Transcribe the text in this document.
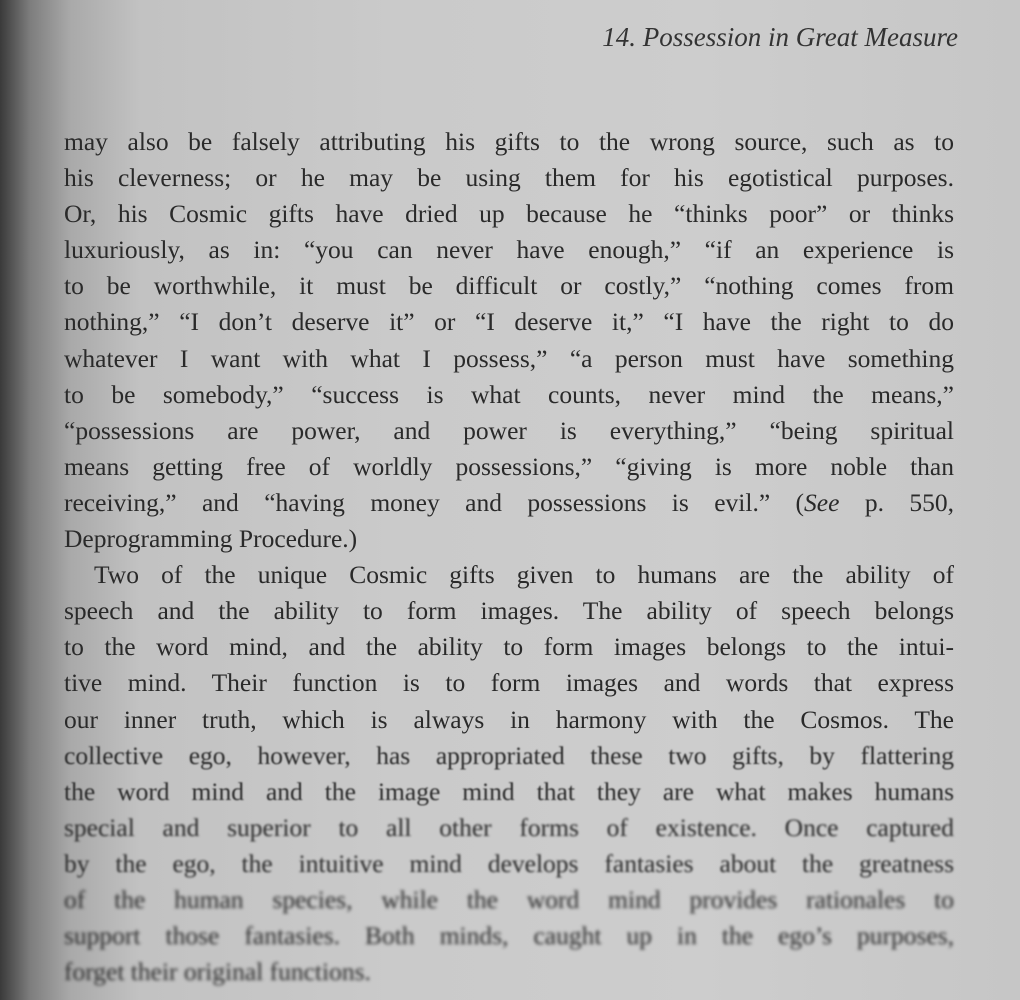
14. Possession in Great Measure
may also be falsely attributing his gifts to the wrong source, such as to
his cleverness; or he may be using them for his egotistical purposes.
Or, his Cosmic gifts have dried up because he “thinks poor” or thinks
luxuriously, as in: “you can never have enough,” “if an experience is
to be worthwhile, it must be difficult or costly,” “nothing comes from
nothing,” “I don’t deserve it” or “I deserve it,” “I have the right to do
whatever I want with what I possess,” “a person must have something
to be somebody,” “success is what counts, never mind the means,”
“possessions are power, and power is everything,” “being spiritual
means getting free of worldly possessions,” “giving is more noble than
receiving,” and “having money and possessions is evil.” (See p. 550,
Deprogramming Procedure.)
Two of the unique Cosmic gifts given to humans are the ability of
speech and the ability to form images. The ability of speech belongs
to the word mind, and the ability to form images belongs to the intui-
tive mind. Their function is to form images and words that express
our inner truth, which is always in harmony with the Cosmos. The
collective ego, however, has appropriated these two gifts, by flattering
the word mind and the image mind that they are what makes humans
special and superior to all other forms of existence. Once captured
by the ego, the intuitive mind develops fantasies about the greatness
of the human species, while the word mind provides rationales to
support those fantasies. Both minds, caught up in the ego’s purposes,
forget their original functions.
